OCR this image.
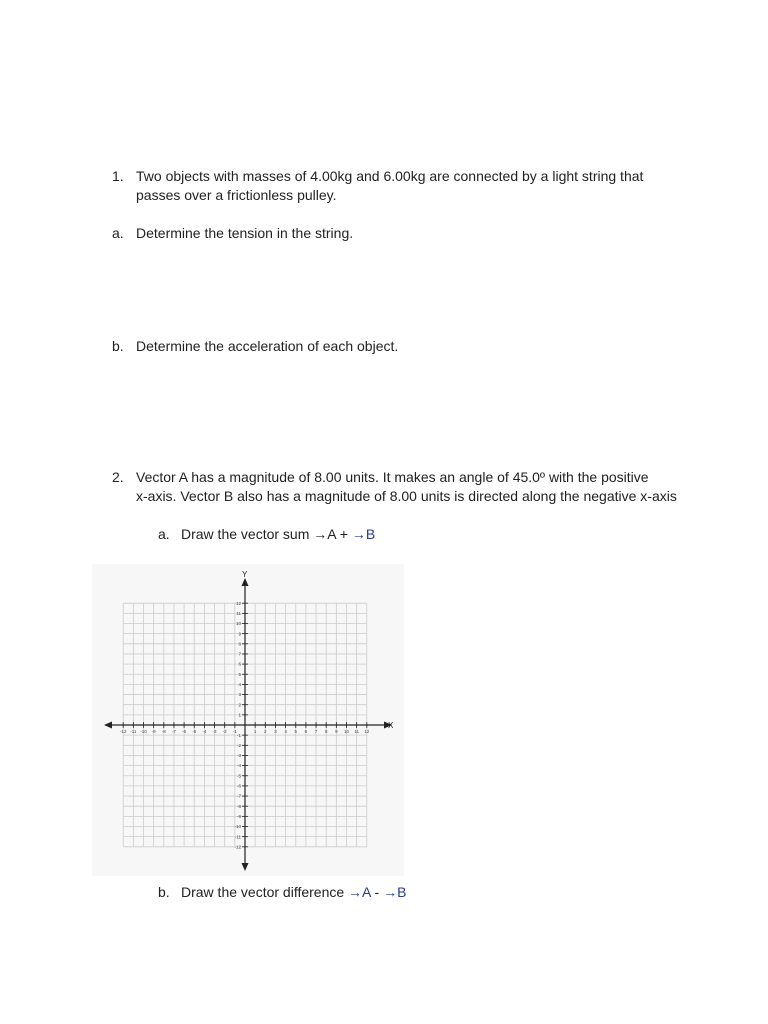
1. Two objects with masses of 4.00kg and 6.00kg are connected by a light string that
passes over a frictionless pulley.
a. Determine the tension in the string.
b. Determine the acceleration of each object.
2. Vector A has a magnitude of 8.00 units. It makes an angle of 45.0º with the positive
x-axis. Vector B also has a magnitude of 8.00 units is directed along the negative x-axis
a. Draw the vector sum →A + →B
-12 -11 -10 -9 -8 -7 -6 -5 -4 -3 -2 -1	1 2 3 4 5 6 7 8 9 10 11 12
-12
-11
-10
-9
-8
-7
-6
-5
-4
-3
-2
-1
1
2
3
4
5
6
7
8
9
10
11
12
X
Y
b. Draw the vector difference →A - →B
